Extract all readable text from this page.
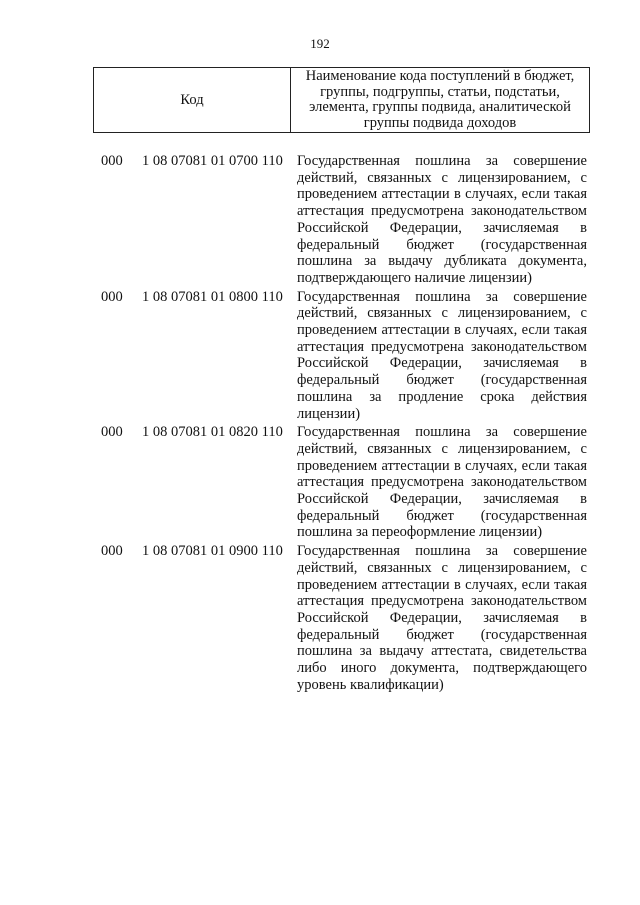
192
Код
Наименование кода поступлений в бюджет, группы, подгруппы, статьи, подстатьи, элемента, группы подвида, аналитической группы подвида доходов
000 1 08 07081 01 0700 110 Государственная пошлина за совершение действий, связанных с лицензированием, с проведением аттестации в случаях, если такая аттестация предусмотрена законодательством Российской Федерации, зачисляемая в федеральный бюджет (государственная пошлина за выдачу дубликата документа, подтверждающего наличие лицензии)
000 1 08 07081 01 0800 110 Государственная пошлина за совершение действий, связанных с лицензированием, с проведением аттестации в случаях, если такая аттестация предусмотрена законодательством Российской Федерации, зачисляемая в федеральный бюджет (государственная пошлина за продление срока действия лицензии)
000 1 08 07081 01 0820 110 Государственная пошлина за совершение действий, связанных с лицензированием, с проведением аттестации в случаях, если такая аттестация предусмотрена законодательством Российской Федерации, зачисляемая в федеральный бюджет (государственная пошлина за переоформление лицензии)
000 1 08 07081 01 0900 110 Государственная пошлина за совершение действий, связанных с лицензированием, с проведением аттестации в случаях, если такая аттестация предусмотрена законодательством Российской Федерации, зачисляемая в федеральный бюджет (государственная пошлина за выдачу аттестата, свидетельства либо иного документа, подтверждающего уровень квалификации)
